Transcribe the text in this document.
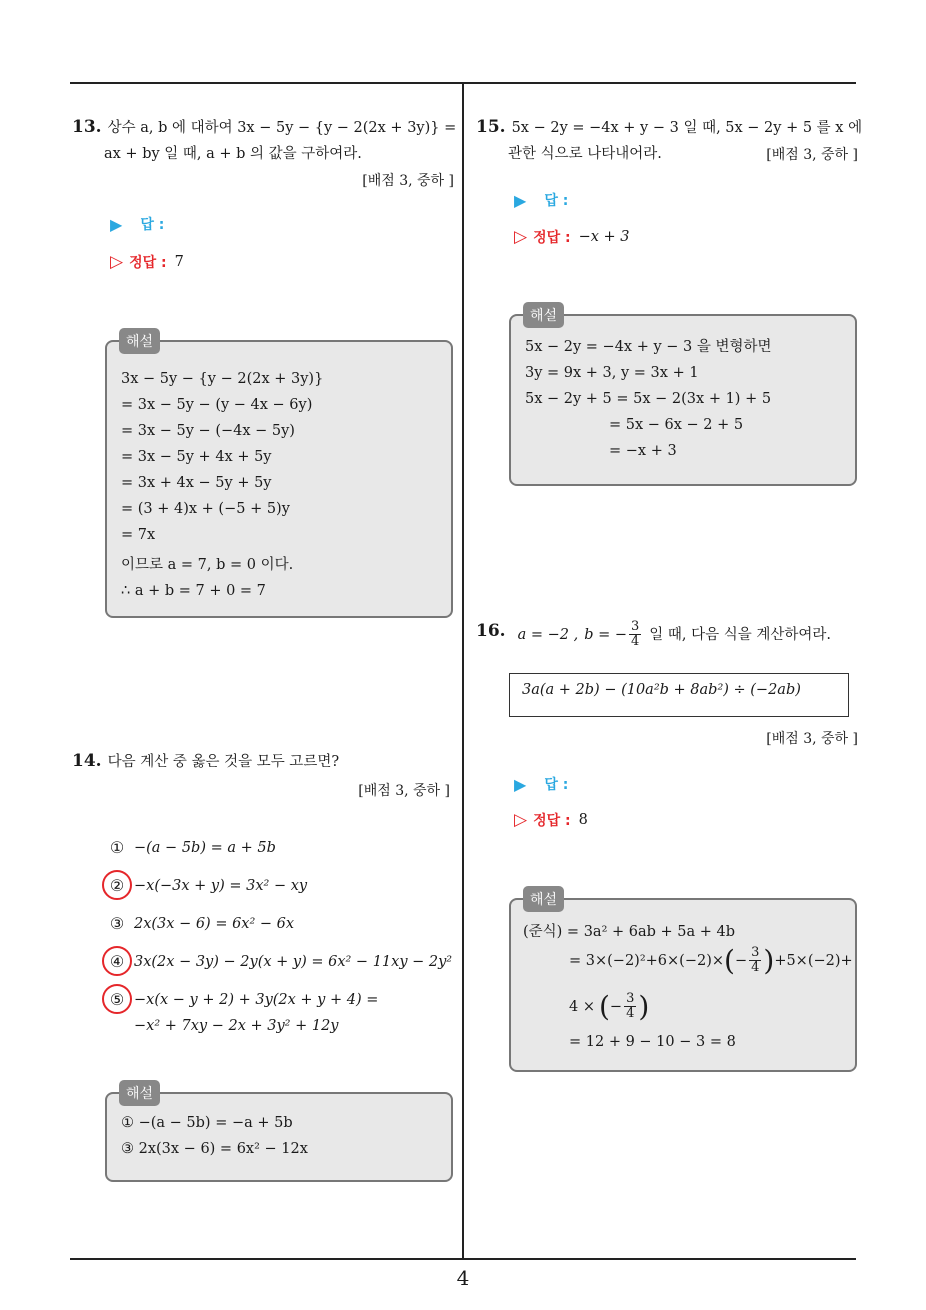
13. 상수 a, b 에 대하여 3x − 5y − {y − 2(2x + 3y)} =
ax + by 일 때, a + b 의 값을 구하여라.
[배점 3, 중하 ]
▶ 답 :
▷ 정답 : 7
해설
3x − 5y − {y − 2(2x + 3y)}
= 3x − 5y − (y − 4x − 6y)
= 3x − 5y − (−4x − 5y)
= 3x − 5y + 4x + 5y
= 3x + 4x − 5y + 5y
= (3 + 4)x + (−5 + 5)y
= 7x
이므로 a = 7, b = 0 이다.
∴ a + b = 7 + 0 = 7
14. 다음 계산 중 옳은 것을 모두 고르면?
[배점 3, 중하 ]
① −(a − 5b) = a + 5b
② −x(−3x + y) = 3x² − xy
③ 2x(3x − 6) = 6x² − 6x
④ 3x(2x − 3y) − 2y(x + y) = 6x² − 11xy − 2y²
⑤ −x(x − y + 2) + 3y(2x + y + 4) =
−x² + 7xy − 2x + 3y² + 12y
해설
① −(a − 5b) = −a + 5b
③ 2x(3x − 6) = 6x² − 12x
15. 5x − 2y = −4x + y − 3 일 때, 5x − 2y + 5 를 x 에
관한 식으로 나타내어라.	[배점 3, 중하 ]
▶ 답 :
▷ 정답 : −x + 3
해설
5x − 2y = −4x + y − 3 을 변형하면
3y = 9x + 3, y = 3x + 1
5x − 2y + 5 = 5x − 2(3x + 1) + 5
= 5x − 6x − 2 + 5
= −x + 3
16. a = −2 , b = − $\frac{3}{4}$ 일 때, 다음 식을 계산하여라.
3a(a + 2b) − (10a²b + 8ab²) ÷ (−2ab)
[배점 3, 중하 ]
▶ 답 :
▷ 정답 : 8
해설
(준식) = 3a² + 6ab + 5a + 4b
= 3×(−2)²+6×(−2)× ( − $\frac{3}{4}$ ) +5×(−2)+
4 × ( − $\frac{3}{4}$ )
= 12 + 9 − 10 − 3 = 8
4
